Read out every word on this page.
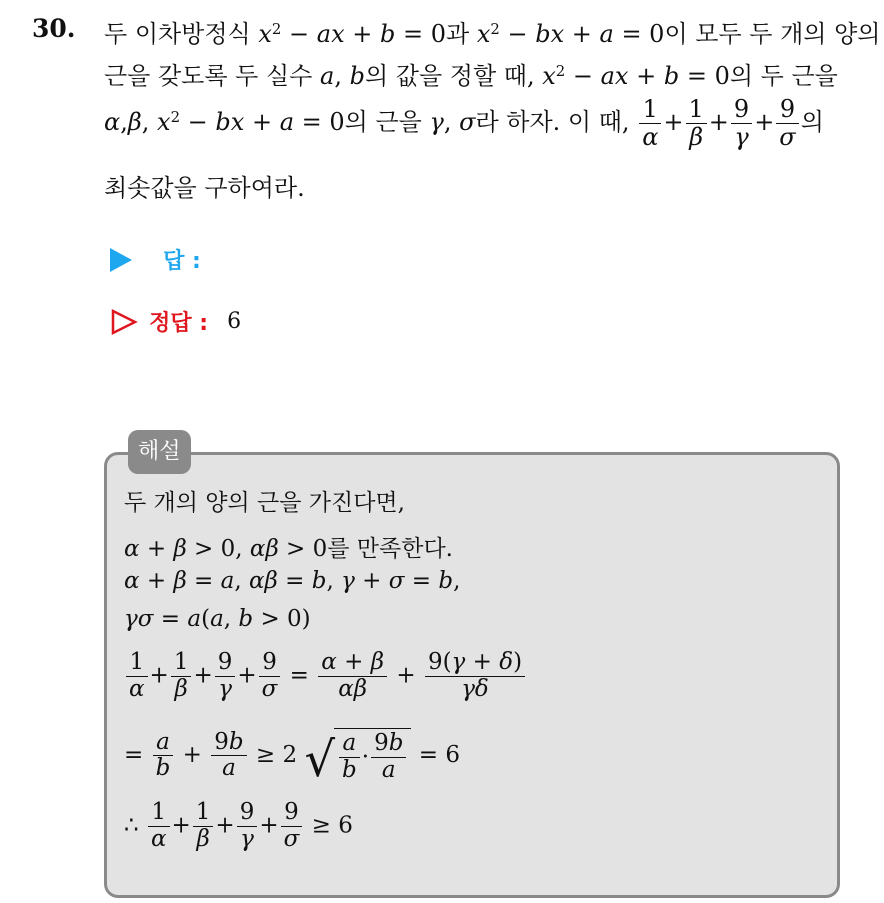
30. 두 이차방정식 $x^2$ − ax + b = 0과 $x^2$ − bx + a = 0이 모두 두 개의 양의
근을 갖도록 두 실수 a, b의 값을 정할 때, $x^2$ − ax + b = 0의 두 근을
α,β, $x^2$ − bx + a = 0의 근을 γ, σ라 하자. 이 때, $\frac{1}{\alpha} + \frac{1}{\beta} + \frac{9}{\gamma} + \frac{9}{\sigma}$ 의
최솟값을 구하여라.
답 :
정답 : 6
해설
두 개의 양의 근을 가진다면,
α + β > 0, αβ > 0를 만족한다.
α + β = a, αβ = b, γ + σ = b,
γσ = a(a, b > 0)
$\frac{1}{\alpha} + \frac{1}{\beta} + \frac{9}{\gamma} + \frac{9}{\sigma} = \frac{\alpha + \beta}{\alpha\beta} + \frac{9(\gamma + \delta)}{\gamma\delta}$
= $\frac{a}{b} + \frac{9b}{a} \ge 2$ √ $\frac{a}{b} \cdot \frac{9b}{a} = 6$
∴ $\frac{1}{\alpha} + \frac{1}{\beta} + \frac{9}{\gamma} + \frac{9}{\sigma} \ge 6$
